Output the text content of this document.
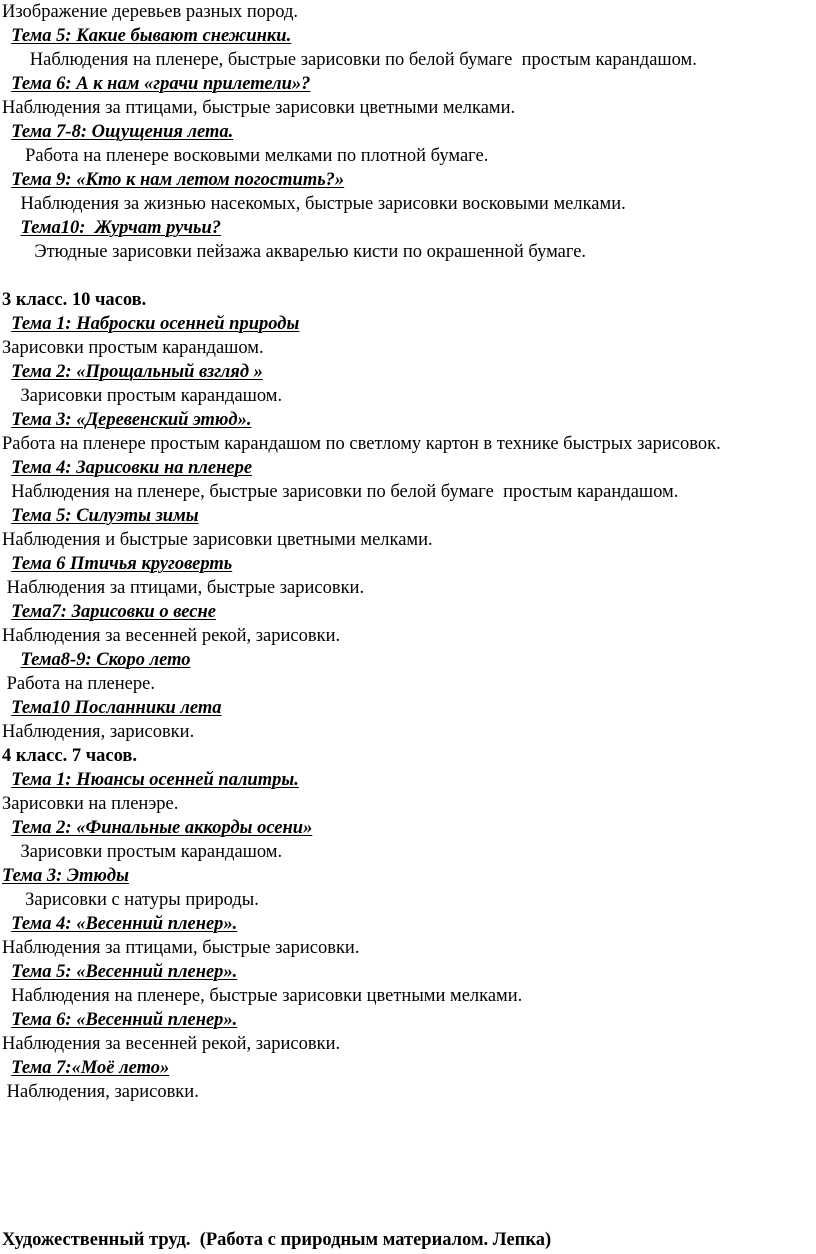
Изображение деревьев разных пород.
Тема 5: Какие бывают снежинки.
Наблюдения на пленере, быстрые зарисовки по белой бумаге  простым карандашом.
Тема 6: А к нам «грачи прилетели»?
Наблюдения за птицами, быстрые зарисовки цветными мелками.
Тема 7-8: Ощущения лета.
Работа на пленере восковыми мелками по плотной бумаге.
Тема 9: «Кто к нам летом погостить?»
Наблюдения за жизнью насекомых, быстрые зарисовки восковыми мелками.
Тема10:  Журчат ручьи?
Этюдные зарисовки пейзажа акварелью кисти по окрашенной бумаге.
3 класс. 10 часов.
Тема 1: Наброски осенней природы
Зарисовки простым карандашом.
Тема 2: «Прощальный взгляд »
Зарисовки простым карандашом.
Тема 3: «Деревенский этюд».
Работа на пленере простым карандашом по светлому картон в технике быстрых зарисовок.
Тема 4: Зарисовки на пленере
Наблюдения на пленере, быстрые зарисовки по белой бумаге  простым карандашом.
Тема 5: Силуэты зимы
Наблюдения и быстрые зарисовки цветными мелками.
Тема 6 Птичья круговерть
Наблюдения за птицами, быстрые зарисовки.
Тема7: Зарисовки о весне
Наблюдения за весенней рекой, зарисовки.
Тема8-9: Скоро лето
Работа на пленере.
Тема10 Посланники лета
Наблюдения, зарисовки.
4 класс. 7 часов.
Тема 1: Нюансы осенней палитры.
Зарисовки на пленэре.
Тема 2: «Финальные аккорды осени»
Зарисовки простым карандашом.
Тема 3: Этюды
Зарисовки с натуры природы.
Тема 4: «Весенний пленер».
Наблюдения за птицами, быстрые зарисовки.
Тема 5: «Весенний пленер».
Наблюдения на пленере, быстрые зарисовки цветными мелками.
Тема 6: «Весенний пленер».
Наблюдения за весенней рекой, зарисовки.
Тема 7:«Моё лето»
Наблюдения, зарисовки.
Художественный труд.  (Работа с природным материалом. Лепка)
